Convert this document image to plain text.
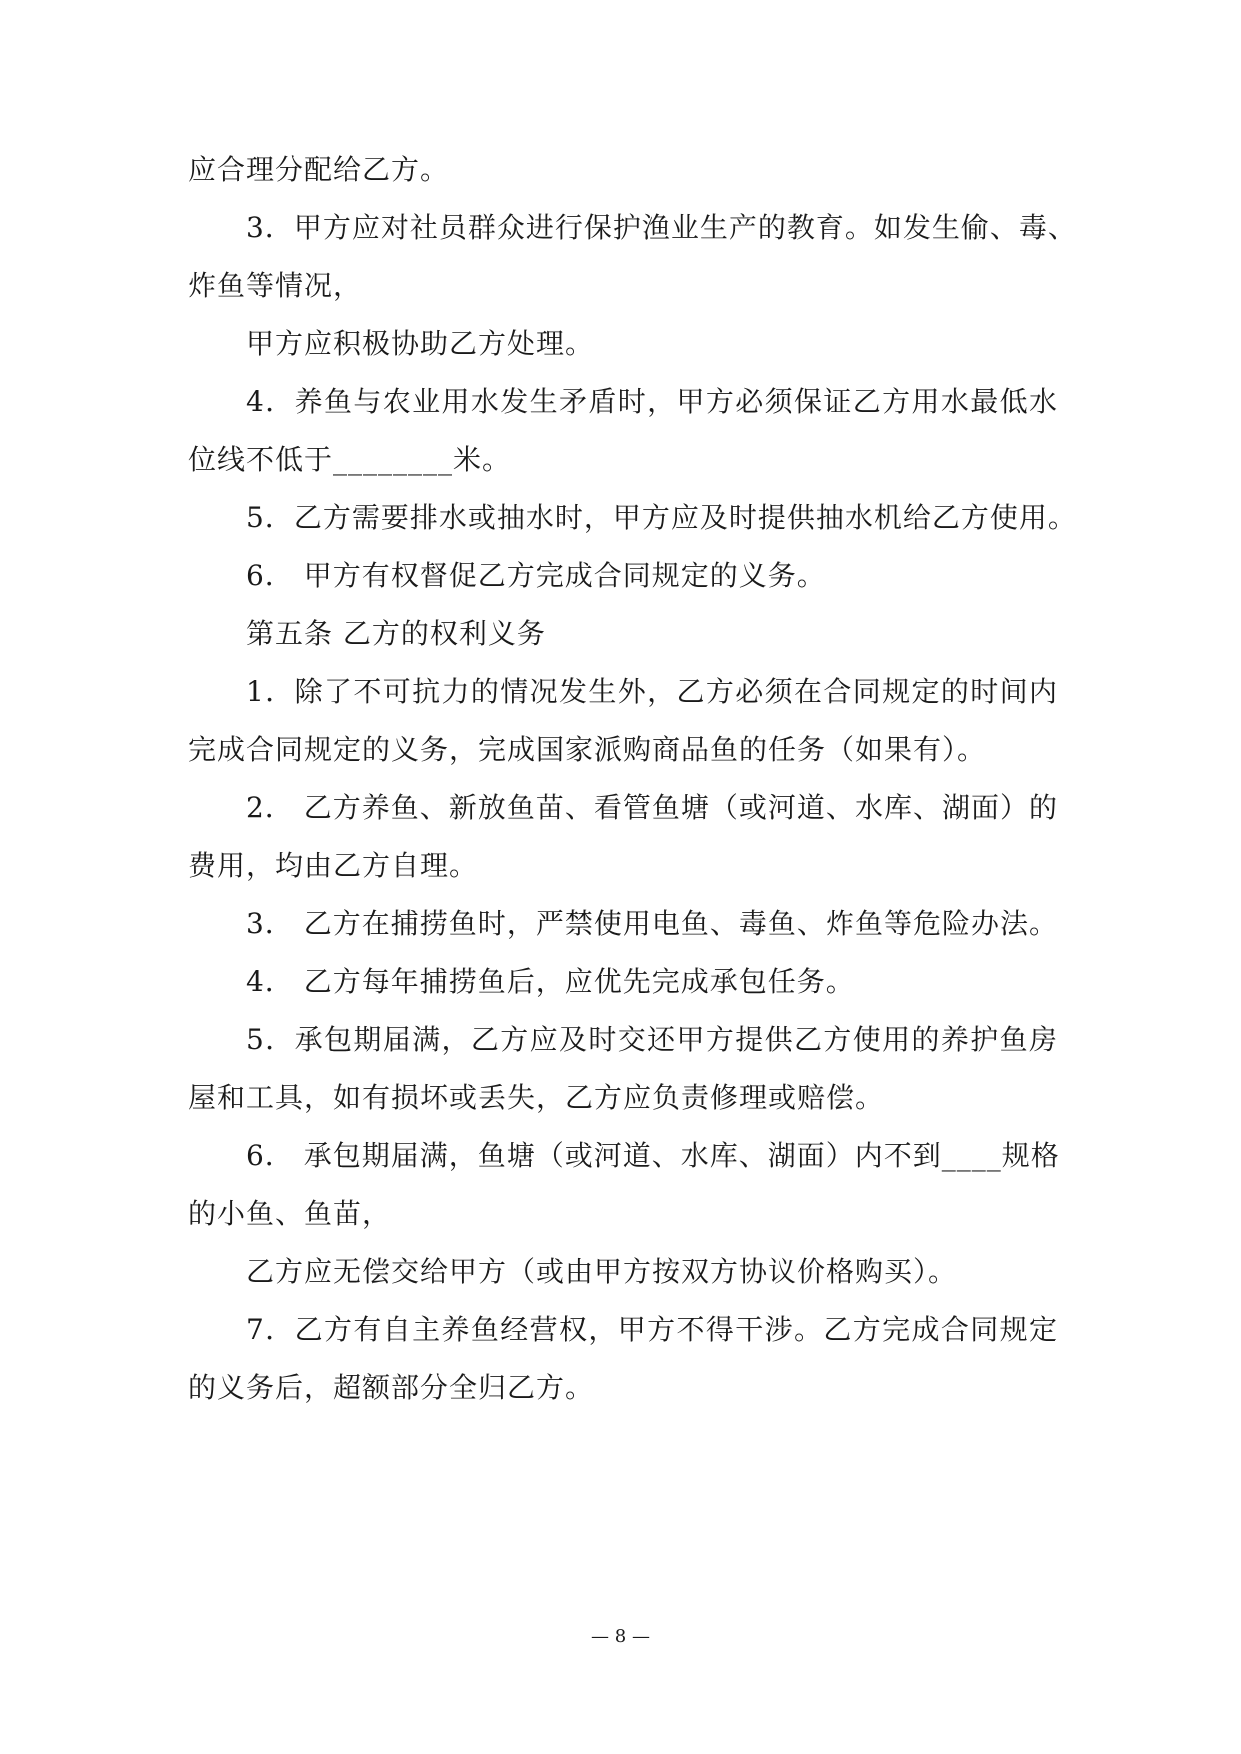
应合理分配给乙方。
3．甲方应对社员群众进行保护渔业生产的教育。如发生偷、毒、
炸鱼等情况，
甲方应积极协助乙方处理。
4．养鱼与农业用水发生矛盾时，甲方必须保证乙方用水最低水
位线不低于________米。
5．乙方需要排水或抽水时，甲方应及时提供抽水机给乙方使用。
6． 甲方有权督促乙方完成合同规定的义务。
第五条 乙方的权利义务
1．除了不可抗力的情况发生外，乙方必须在合同规定的时间内
完成合同规定的义务，完成国家派购商品鱼的任务（如果有）。
2． 乙方养鱼、新放鱼苗、看管鱼塘（或河道、水库、湖面）的
费用，均由乙方自理。
3． 乙方在捕捞鱼时，严禁使用电鱼、毒鱼、炸鱼等危险办法。
4． 乙方每年捕捞鱼后，应优先完成承包任务。
5．承包期届满，乙方应及时交还甲方提供乙方使用的养护鱼房
屋和工具，如有损坏或丢失，乙方应负责修理或赔偿。
6． 承包期届满，鱼塘（或河道、水库、湖面）内不到____规格
的小鱼、鱼苗，
乙方应无偿交给甲方（或由甲方按双方协议价格购买）。
7．乙方有自主养鱼经营权，甲方不得干涉。乙方完成合同规定
的义务后，超额部分全归乙方。
— 8 —
